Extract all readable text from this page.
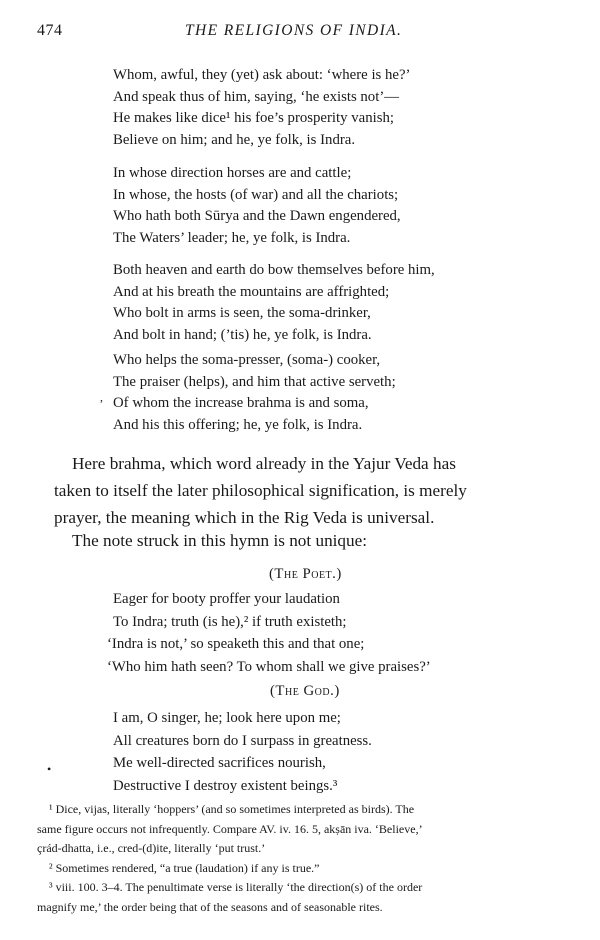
474	THE RELIGIONS OF INDIA.
Whom, awful, they (yet) ask about: ‘where is he?’
And speak thus of him, saying, ‘he exists not’—
He makes like dice¹ his foe’s prosperity vanish;
Believe on him; and he, ye folk, is Indra.
In whose direction horses are and cattle;
In whose, the hosts (of war) and all the chariots;
Who hath both Sūrya and the Dawn engendered,
The Waters’ leader; he, ye folk, is Indra.
Both heaven and earth do bow themselves before him,
And at his breath the mountains are affrighted;
Who bolt in arms is seen, the soma-drinker,
And bolt in hand; (’tis) he, ye folk, is Indra.
Who helps the soma-presser, (soma-) cooker,
The praiser (helps), and him that active serveth;
Of whom the increase brahma is and soma,
And his this offering; he, ye folk, is Indra.
,
Here brahma, which word already in the Yajur Veda has
taken to itself the later philosophical signification, is merely
prayer, the meaning which in the Rig Veda is universal.
The note struck in this hymn is not unique:
(The Poet.)
Eager for booty proffer your laudation
To Indra; truth (is he),² if truth existeth;
‘Indra is not,’ so speaketh this and that one;
‘Who him hath seen? To whom shall we give praises?’
(The God.)
I am, O singer, he; look here upon me;
All creatures born do I surpass in greatness.
Me well-directed sacrifices nourish,
Destructive I destroy existent beings.³
•
¹ Dice, vijas, literally ‘hoppers’ (and so sometimes interpreted as birds). The
same figure occurs not infrequently. Compare AV. iv. 16. 5, akṣān iva. ‘Believe,’
çrád-dhatta, i.e., cred-(d)ite, literally ‘put trust.’
² Sometimes rendered, “a true (laudation) if any is true.”
³ viii. 100. 3–4. The penultimate verse is literally ‘the direction(s) of the order
magnify me,’ the order being that of the seasons and of seasonable rites.
